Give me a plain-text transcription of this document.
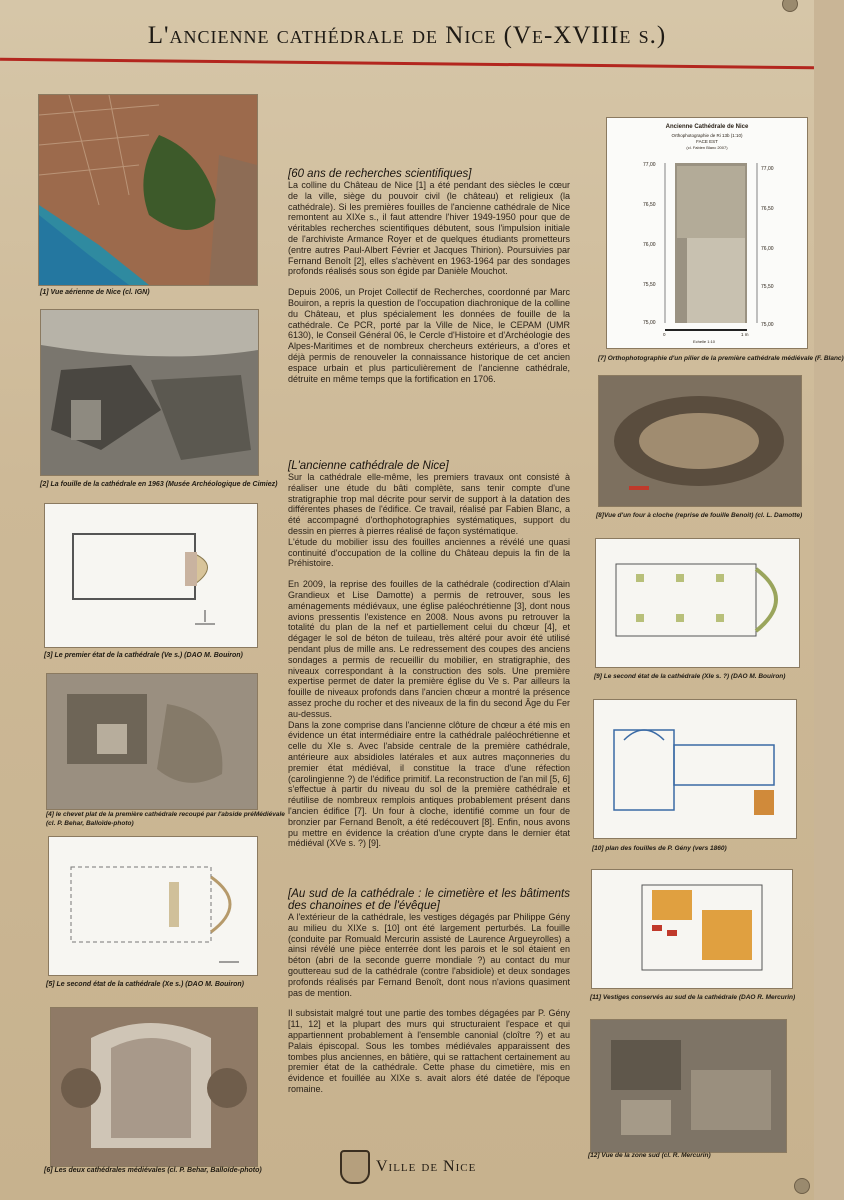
L'ancienne cathédrale de Nice (Ve-XVIIIe s.)
[1] Vue aérienne de Nice (cl. IGN)
[2] La fouille de la cathédrale en 1963 (Musée Archéologique de Cimiez)
[3] Le premier état de la cathédrale (Ve s.) (DAO M. Bouiron)
[4] le chevet plat de la première cathédrale recoupé par l'abside préMédiévale
(cl. P. Behar, Balloïde-photo)
[5] Le second état de la cathédrale (Xe s.) (DAO M. Bouiron)
[6] Les deux cathédrales médiévales (cl. P. Behar, Balloïde-photo)
[60 ans de recherches scientifiques]

La colline du Château de Nice [1] a été pendant des siècles le cœur de la ville, siège du pouvoir civil (le château) et religieux (la cathédrale). Si les premières fouilles de l'ancienne cathédrale de Nice remontent au XIXe s., il faut attendre l'hiver 1949-1950 pour que de véritables recherches scientifiques débutent, sous l'impulsion initiale de l'archiviste Armance Royer et de quelques étudiants prometteurs (entre autres Paul-Albert Février et Jacques Thirion). Poursuivies par Fernand Benoît [2], elles s'achèvent en 1963-1964 par des sondages profonds réalisés sous son égide par Danièle Mouchot.

Depuis 2006, un Projet Collectif de Recherches, coordonné par Marc Bouiron, a repris la question de l'occupation diachronique de la colline du Château, et plus spécialement les données de fouille de la cathédrale. Ce PCR, porté par la Ville de Nice, le CEPAM (UMR 6130), le Conseil Général 06, le Cercle d'Histoire et d'Archéologie des Alpes-Maritimes et de nombreux chercheurs extérieurs, a d'ores et déjà permis de renouveler la connaissance historique de cet ancien espace urbain et plus particulièrement de l'ancienne cathédrale, détruite en même temps que la fortification en 1706.

[L'ancienne cathédrale de Nice]

Sur la cathédrale elle-même, les premiers travaux ont consisté à réaliser une étude du bâti complète, sans tenir compte d'une stratigraphie trop mal décrite pour servir de support à la datation des différentes phases de l'édifice. Ce travail, réalisé par Fabien Blanc, a été accompagné d'orthophotographies systématiques, support du dessin en pierres à pierres réalisé de façon systématique.

L'étude du mobilier issu des fouilles anciennes a révélé une quasi continuité d'occupation de la colline du Château depuis la fin de la Préhistoire.

En 2009, la reprise des fouilles de la cathédrale (codirection d'Alain Grandieux et Lise Damotte) a permis de retrouver, sous les aménagements médiévaux, une église paléochrétienne [3], dont nous avions pressentis l'existence en 2008. Nous avons pu retrouver la totalité du plan de la nef et partiellement celui du chœur [4], et dégager le sol de béton de tuileau, très altéré pour avoir été utilisé pendant plus de mille ans. Le redressement des coupes des anciens sondages a permis de recueillir du mobilier, en stratigraphie, des niveaux correspondant à la construction des sols. Une première expertise permet de dater la première église du Ve s. Par ailleurs la fouille de niveaux profonds dans l'ancien chœur a montré la présence assez proche du rocher et des niveaux de la fin du second Âge du Fer au-dessus.

Dans la zone comprise dans l'ancienne clôture de chœur a été mis en évidence un état intermédiaire entre la cathédrale paléochrétienne et celle du XIe s. Avec l'abside centrale de la première cathédrale, antérieure aux absidioles latérales et aux autres maçonneries du premier état médiéval, il constitue la trace d'une réfection (carolingienne ?) de l'édifice primitif. La reconstruction de l'an mil [5, 6] s'effectue à partir du niveau du sol de la première cathédrale et réutilise de nombreux remplois antiques probablement présent dans l'ancien édifice [7]. Un four à cloche, identifié comme un four de bronzier par Fernand Benoît, a été redécouvert [8]. Enfin, nous avons pu mettre en évidence la création d'une crypte dans le dernier état médiéval (XVe s. ?) [9].

[Au sud de la cathédrale : le cimetière et les bâtiments des chanoines et de l'évêque]

A l'extérieur de la cathédrale, les vestiges dégagés par Philippe Gény au milieu du XIXe s. [10] ont été largement perturbés. La fouille (conduite par Romuald Mercurin assisté de Laurence Argueyrolles) a ainsi révélé une pièce enterrée dont les parois et le sol étaient en béton (abri de la seconde guerre mondiale ?) au contact du mur gouttereau sud de la cathédrale (contre l'absidiole) et deux sondages profonds réalisés par Fernand Benoît, dont nous n'avions quasiment pas de mention.

Il subsistait malgré tout une partie des tombes dégagées par P. Gény [11, 12] et la plupart des murs qui structuraient l'espace et qui appartiennent probablement à l'ensemble canonial (cloître ?) et au Palais épiscopal. Sous les tombes médiévales apparaissent des tombes plus anciennes, en bâtière, qui se rattachent certainement au premier état de la cathédrale. Cette phase du cimetière, mis en évidence et fouillée au XIXe s. avait alors été datée de l'époque romaine.

Ancienne Cathédrale de Nice
Orthophotographie de Ri 13b (1:10)
FACE EST
(cl. Fabien Blanc 2007)
77,00
76,50
76,00
75,50
75,00
77,00
76,50
76,00
75,50
75,00
0	1 m
Echelle 1:10
[7] Orthophotographie d'un pilier de la première cathédrale médiévale (F. Blanc)
[8]Vue d'un four à cloche (reprise de fouille Benoit) (cl. L. Damotte)
[9] Le second état de la cathédrale (XIe s. ?) (DAO M. Bouiron)
[10] plan des fouilles de P. Gény (vers 1860)
[11] Vestiges conservés au sud de la cathédrale (DAO R. Mercurin)
[12] Vue de la zone sud (cl. R. Mercurin)
Ville de Nice
